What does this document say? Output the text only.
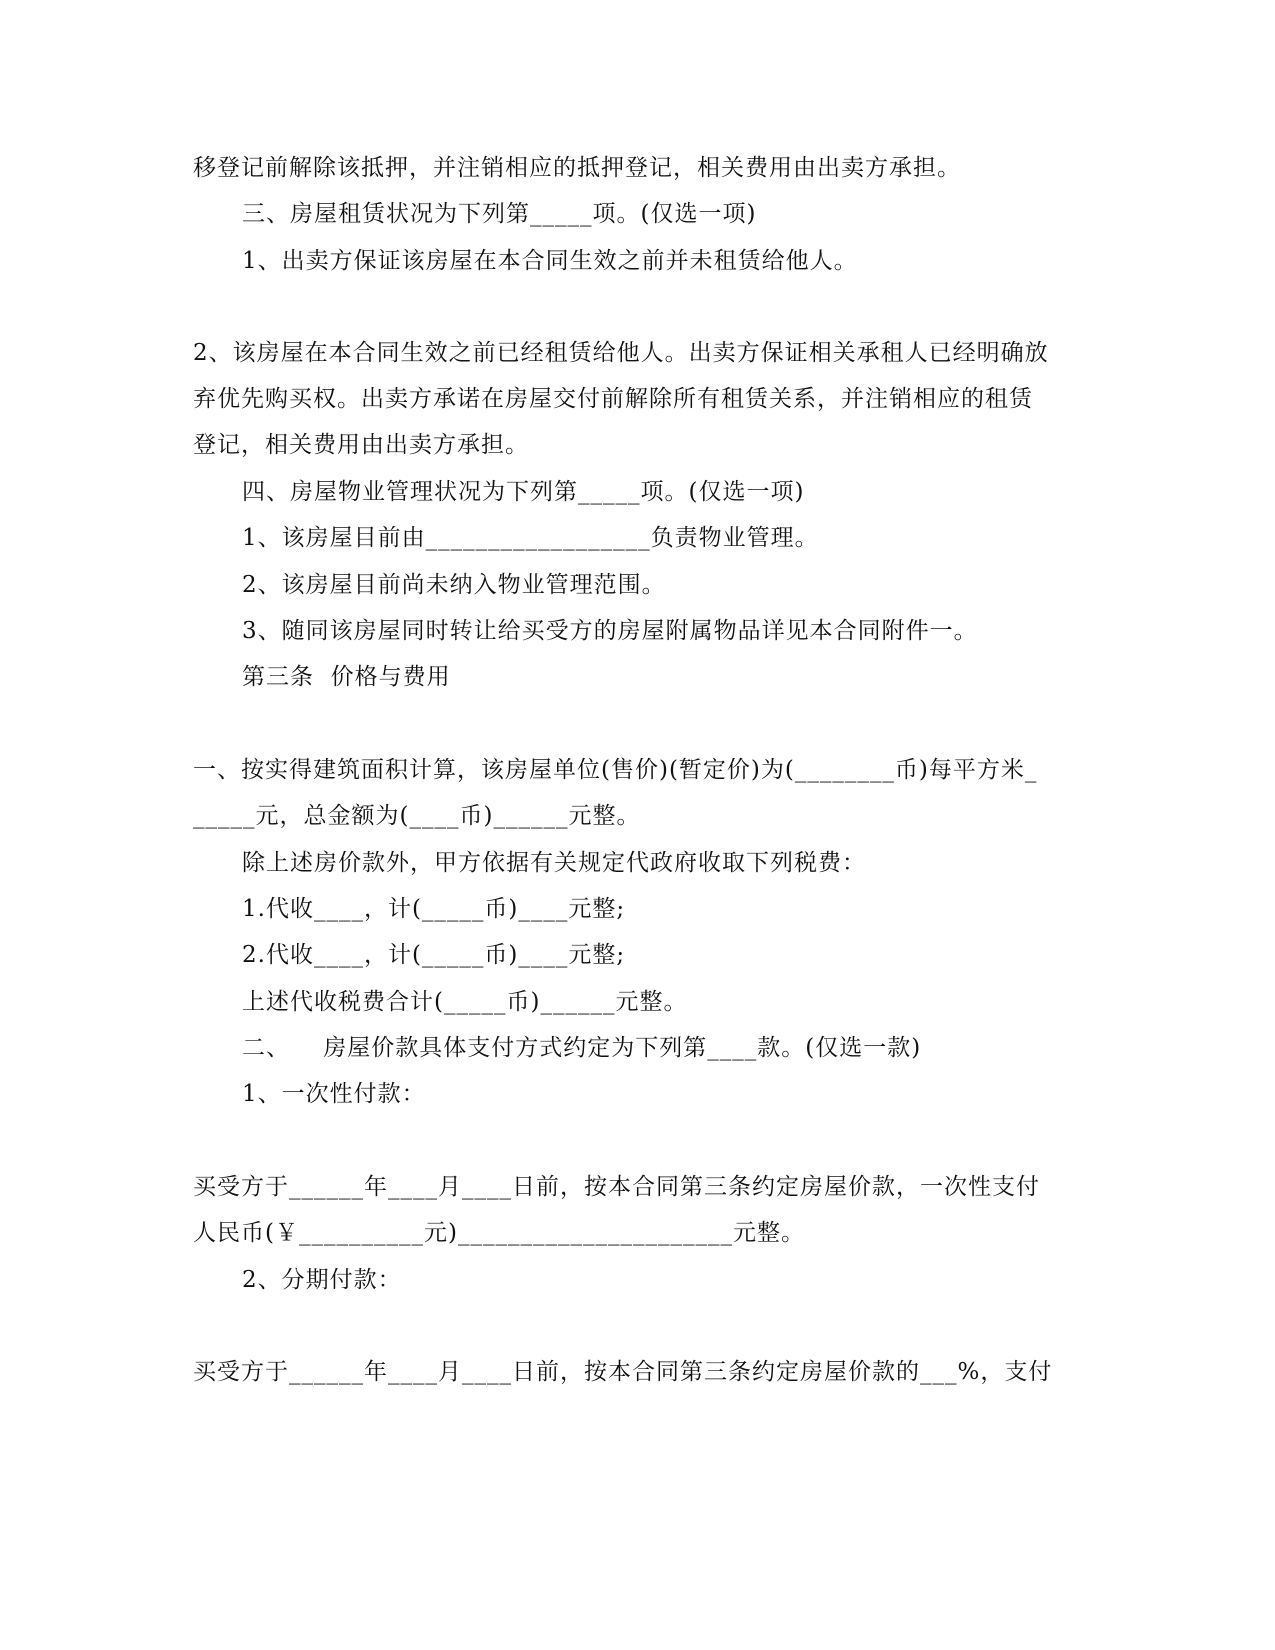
移登记前解除该抵押，并注销相应的抵押登记，相关费用由出卖方承担。
三、房屋租赁状况为下列第_____项。(仅选一项)
1、出卖方保证该房屋在本合同生效之前并未租赁给他人。
2、该房屋在本合同生效之前已经租赁给他人。出卖方保证相关承租人已经明确放
弃优先购买权。出卖方承诺在房屋交付前解除所有租赁关系，并注销相应的租赁
登记，相关费用由出卖方承担。
四、房屋物业管理状况为下列第_____项。(仅选一项)
1、该房屋目前由__________________负责物业管理。
2、该房屋目前尚未纳入物业管理范围。
3、随同该房屋同时转让给买受方的房屋附属物品详见本合同附件一。
第三条  价格与费用
一、按实得建筑面积计算，该房屋单位(售价)(暂定价)为(________币)每平方米_
_____元，总金额为(____币)______元整。
除上述房价款外，甲方依据有关规定代政府收取下列税费：
1.代收____，计(_____币)____元整;
2.代收____，计(_____币)____元整;
上述代收税费合计(_____币)______元整。
二、    房屋价款具体支付方式约定为下列第____款。(仅选一款)
1、一次性付款：
买受方于______年____月____日前，按本合同第三条约定房屋价款，一次性支付
人民币(￥__________元)______________________元整。
2、分期付款：
买受方于______年____月____日前，按本合同第三条约定房屋价款的___%，支付
